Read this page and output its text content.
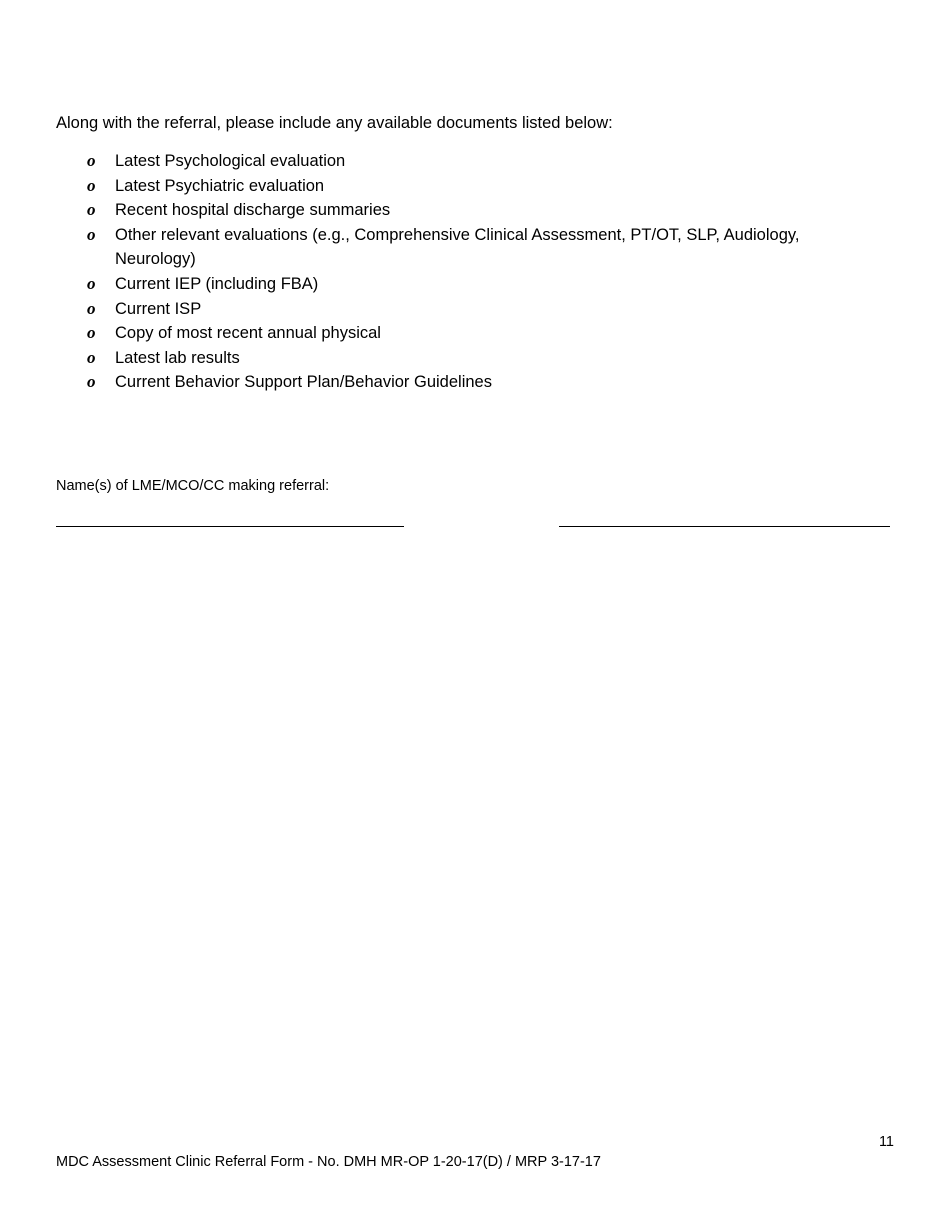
Along with the referral, please include any available documents listed below:
o Latest Psychological evaluation
o Latest Psychiatric evaluation
o Recent hospital discharge summaries
o Other relevant evaluations (e.g., Comprehensive Clinical Assessment, PT/OT, SLP, Audiology, Neurology)
o Current IEP (including FBA)
o Current ISP
o Copy of most recent annual physical
o Latest lab results
o Current Behavior Support Plan/Behavior Guidelines
Name(s) of LME/MCO/CC making referral:
11
MDC Assessment Clinic Referral Form - No. DMH MR-OP 1-20-17(D) / MRP 3-17-17
